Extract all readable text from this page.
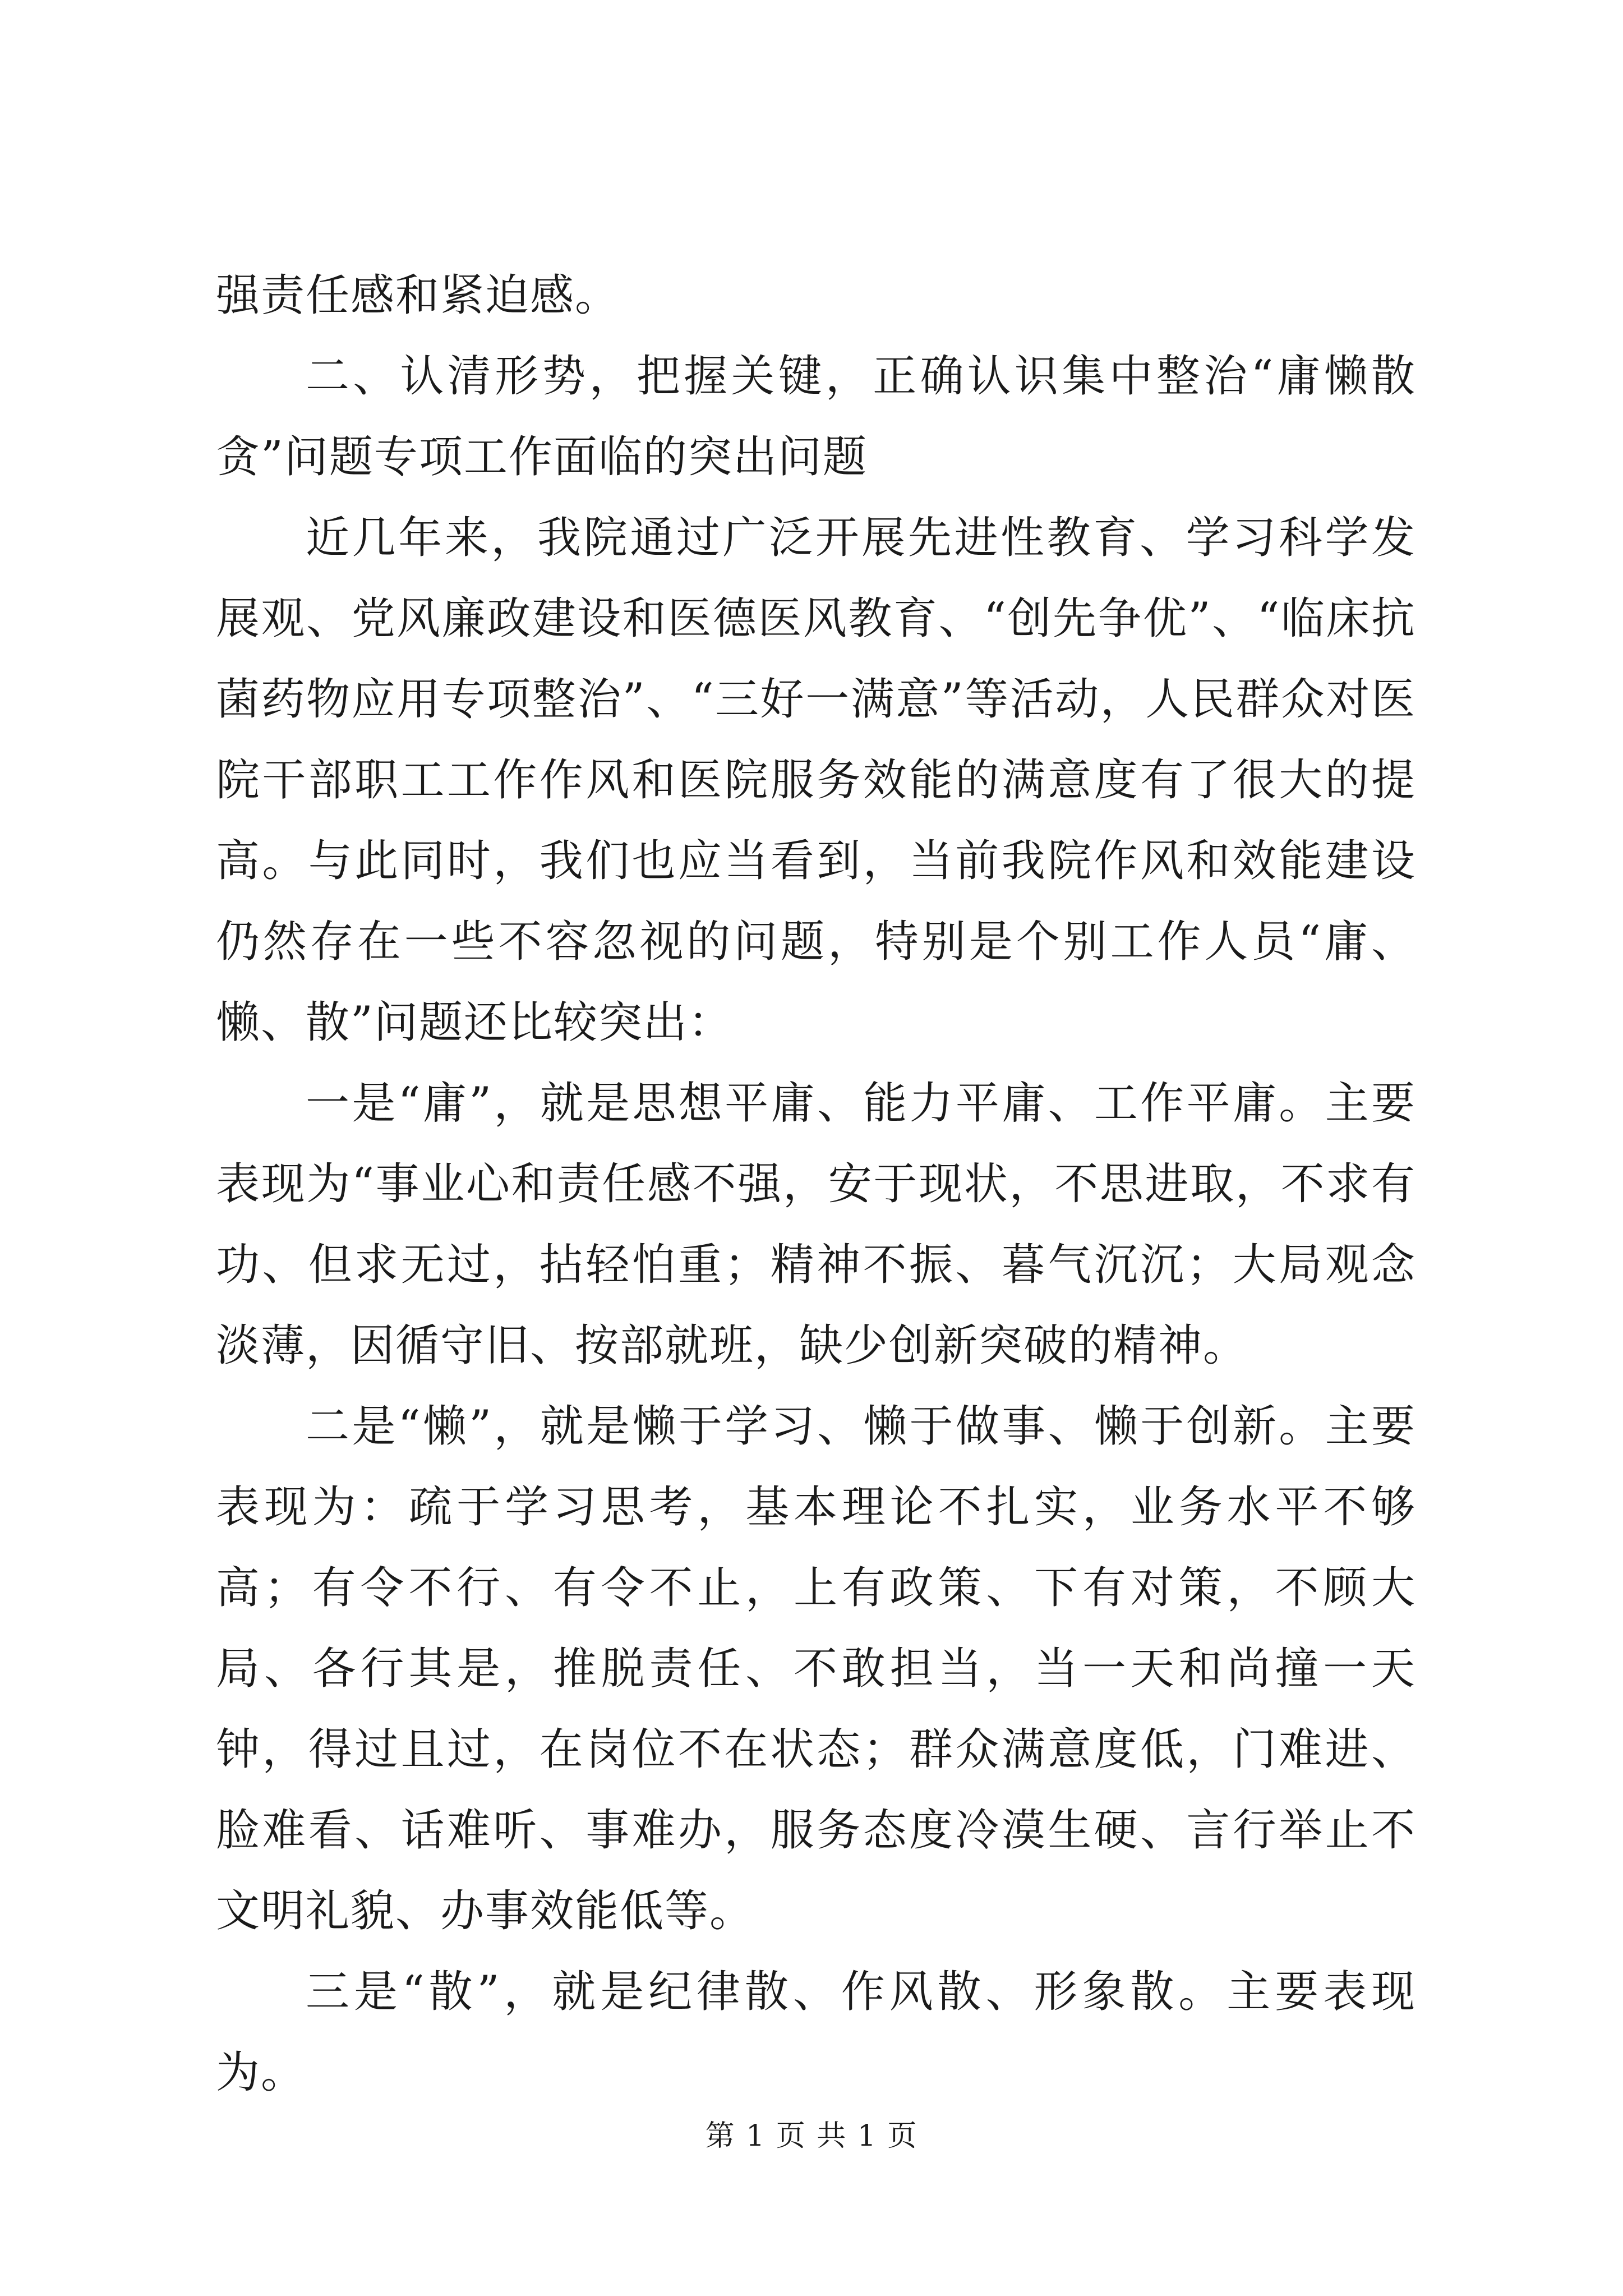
强责任感和紧迫感。

二、认清形势，把握关键，正确认识集中整治“庸懒散贪”问题专项工作面临的突出问题

近几年来，我院通过广泛开展先进性教育、学习科学发展观、党风廉政建设和医德医风教育、“创先争优”、“临床抗菌药物应用专项整治”、“三好一满意”等活动，人民群众对医院干部职工工作作风和医院服务效能的满意度有了很大的提高。与此同时，我们也应当看到，当前我院作风和效能建设仍然存在一些不容忽视的问题，特别是个别工作人员“庸、懒、散”问题还比较突出：

一是“庸”，就是思想平庸、能力平庸、工作平庸。主要表现为“事业心和责任感不强，安于现状，不思进取，不求有功、但求无过，拈轻怕重；精神不振、暮气沉沉；大局观念淡薄，因循守旧、按部就班，缺少创新突破的精神。

二是“懒”，就是懒于学习、懒于做事、懒于创新。主要表现为：疏于学习思考，基本理论不扎实，业务水平不够高；有令不行、有令不止，上有政策、下有对策，不顾大局、各行其是，推脱责任、不敢担当，当一天和尚撞一天钟，得过且过，在岗位不在状态；群众满意度低，门难进、脸难看、话难听、事难办，服务态度冷漠生硬、言行举止不文明礼貌、办事效能低等。

三是“散”，就是纪律散、作风散、形象散。主要表现为。

第 1 页 共 1 页
